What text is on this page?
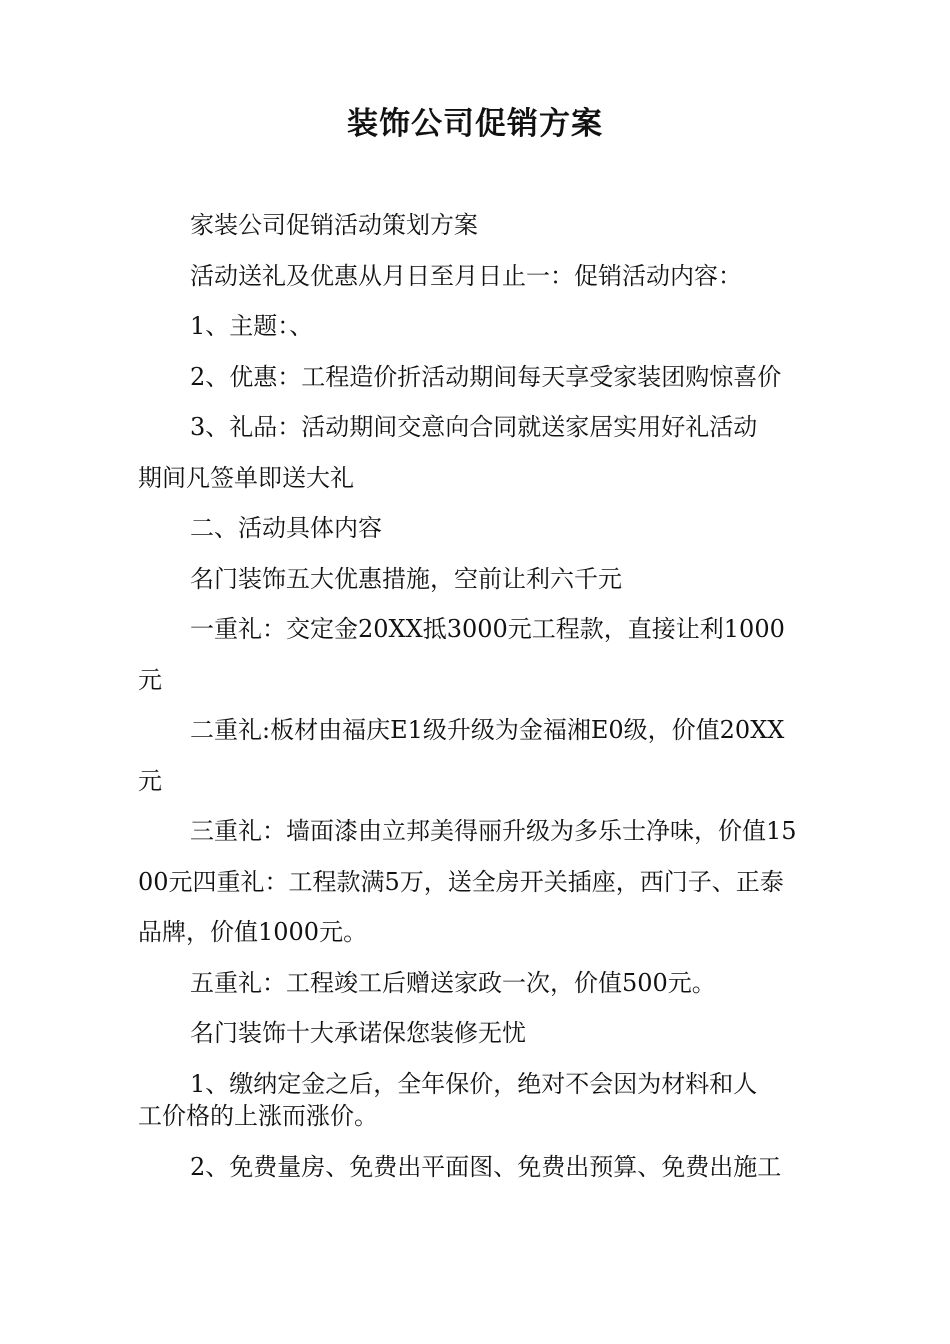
装饰公司促销方案

家装公司促销活动策划方案

活动送礼及优惠从月日至月日止一：促销活动内容：

1、主题：、

2、优惠：工程造价折活动期间每天享受家装团购惊喜价

3、礼品：活动期间交意向合同就送家居实用好礼活动
期间凡签单即送大礼

二、活动具体内容

名门装饰五大优惠措施，空前让利六千元

一重礼：交定金20XX抵3000元工程款，直接让利1000
元

二重礼:板材由福庆E1级升级为金福湘E0级，价值20XX
元

三重礼：墙面漆由立邦美得丽升级为多乐士净味，价值15
00元四重礼：工程款满5万，送全房开关插座，西门子、正泰
品牌，价值1000元。

五重礼：工程竣工后赠送家政一次，价值500元。

名门装饰十大承诺保您装修无忧

1、缴纳定金之后，全年保价，绝对不会因为材料和人
工价格的上涨而涨价。

2、免费量房、免费出平面图、免费出预算、免费出施工
